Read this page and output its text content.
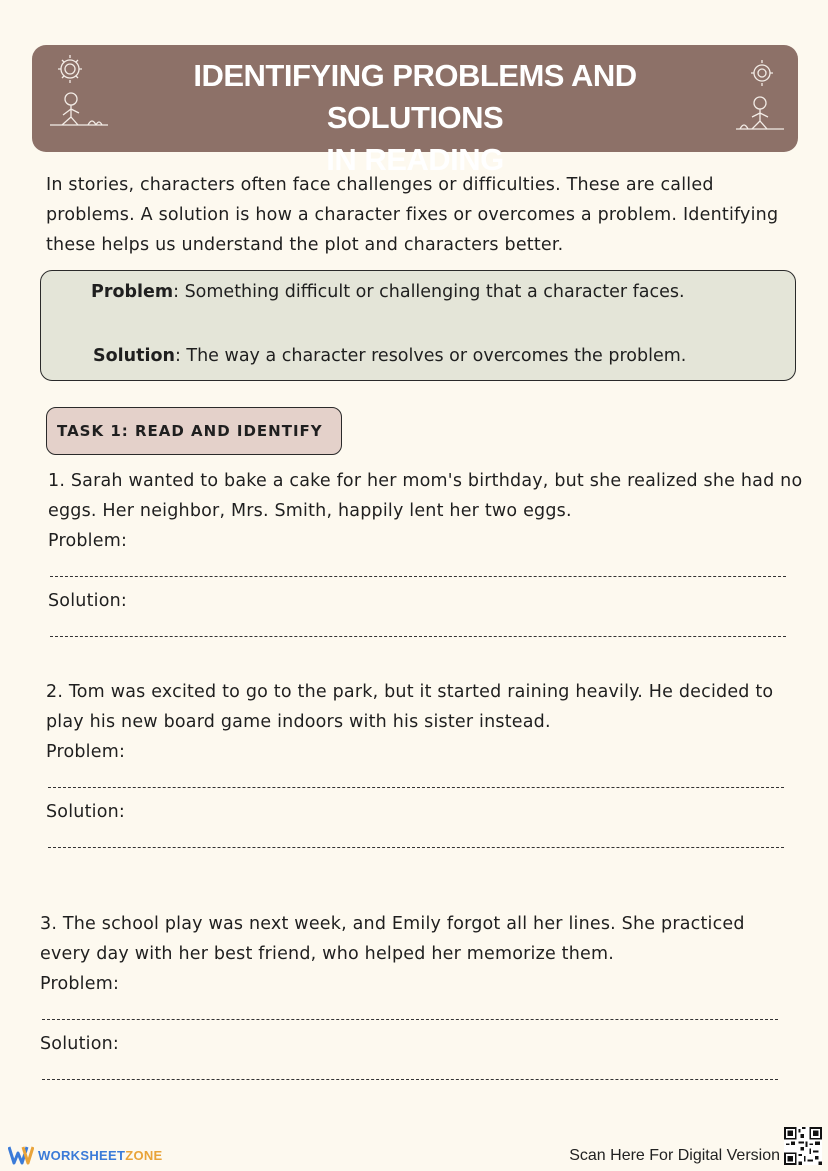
IDENTIFYING PROBLEMS AND SOLUTIONS
IN READING
In stories, characters often face challenges or difficulties. These are called problems. A solution is how a character fixes or overcomes a problem. Identifying these helps us understand the plot and characters better.
Problem: Something difficult or challenging that a character faces.
Solution: The way a character resolves or overcomes the problem.
TASK 1: READ AND IDENTIFY

1. Sarah wanted to bake a cake for her mom's birthday, but she realized she had no eggs. Her neighbor, Mrs. Smith, happily lent her two eggs.

Problem:

Solution:

2. Tom was excited to go to the park, but it started raining heavily. He decided to play his new board game indoors with his sister instead.

Problem:

Solution:

3. The school play was next week, and Emily forgot all her lines. She practiced every day with her best friend, who helped her memorize them.

Problem:

Solution:

WORKSHEETZONE	Scan Here For Digital Version
